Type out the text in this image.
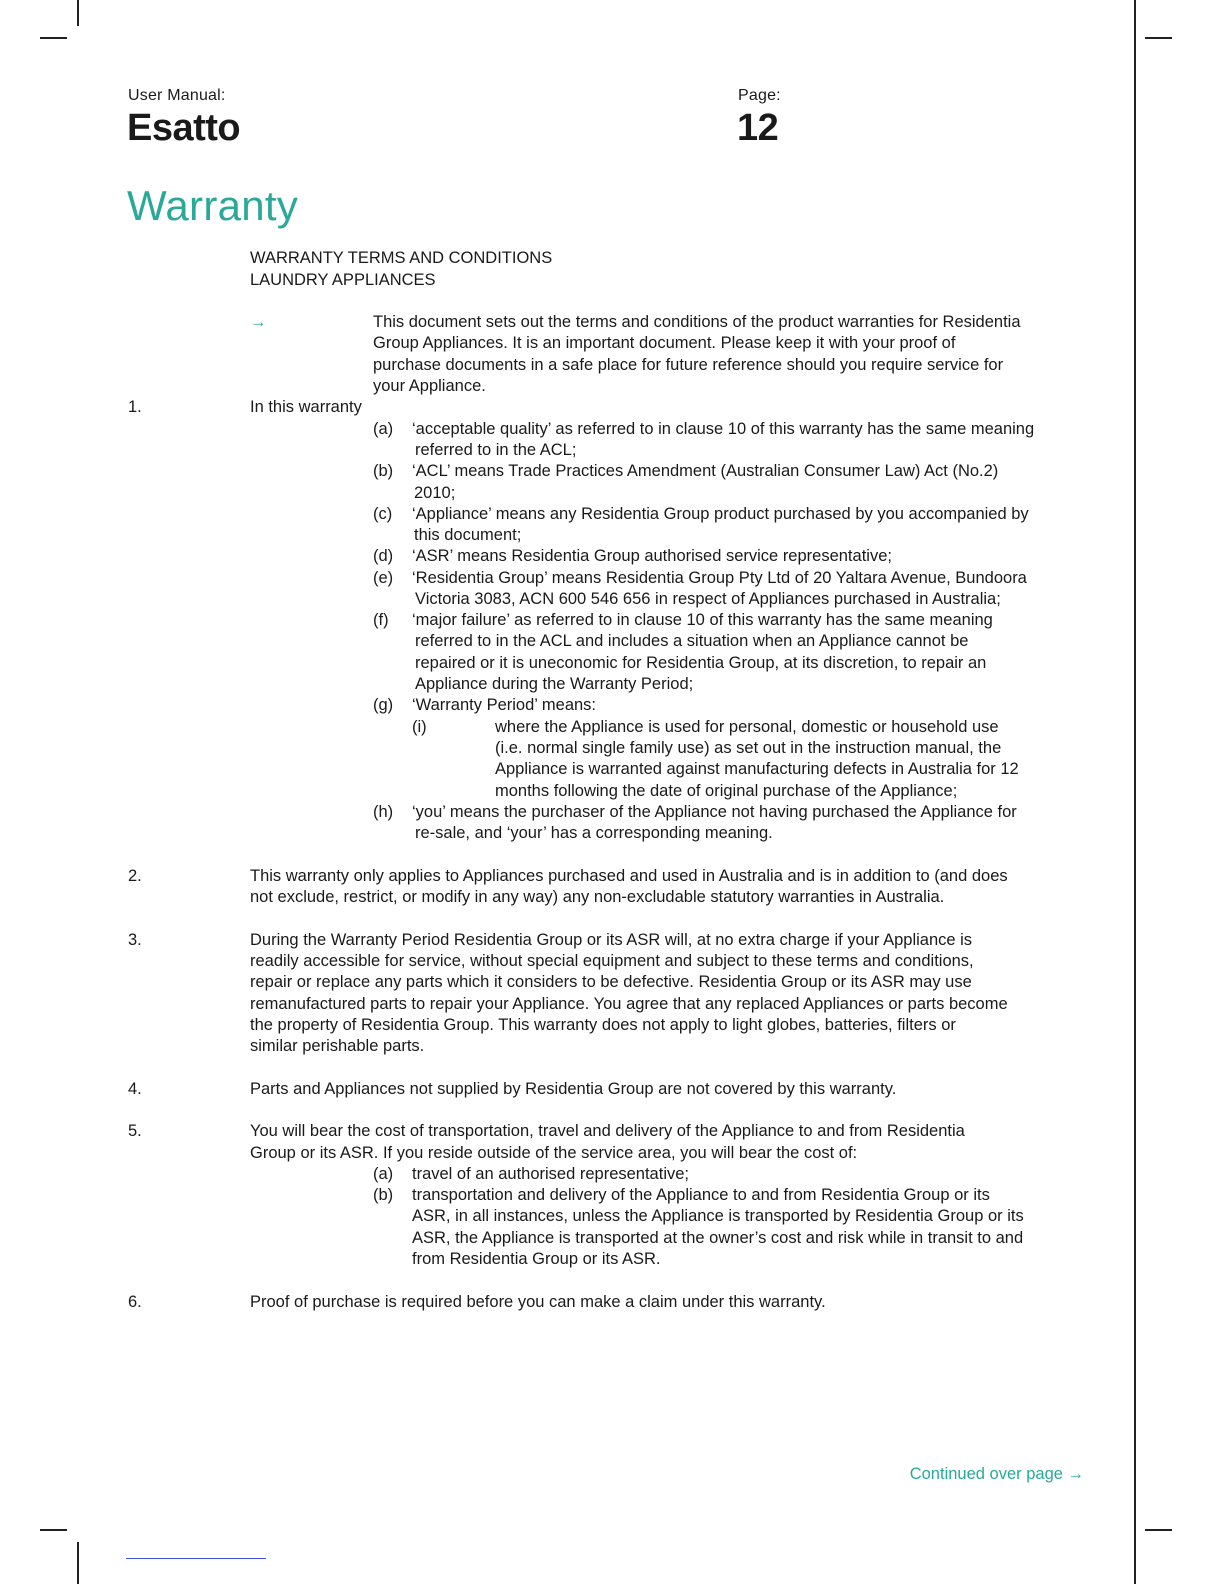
User Manual:
Esatto
Page:
12
Warranty
WARRANTY TERMS AND CONDITIONS
LAUNDRY APPLIANCES
→	This document sets out the terms and conditions of the product warranties for Residentia
Group Appliances. It is an important document. Please keep it with your proof of
purchase documents in a safe place for future reference should you require service for
your Appliance.
1.	In this warranty
(a) ‘acceptable quality’ as referred to in clause 10 of this warranty has the same meaning
referred to in the ACL;
(b) ‘ACL’ means Trade Practices Amendment (Australian Consumer Law) Act (No.2)
2010;
(c) ‘Appliance’ means any Residentia Group product purchased by you accompanied by
this document;
(d) ‘ASR’ means Residentia Group authorised service representative;
(e) ‘Residentia Group’ means Residentia Group Pty Ltd of 20 Yaltara Avenue, Bundoora
Victoria 3083, ACN 600 546 656 in respect of Appliances purchased in Australia;
(f) ‘major failure’ as referred to in clause 10 of this warranty has the same meaning
referred to in the ACL and includes a situation when an Appliance cannot be
repaired or it is uneconomic for Residentia Group, at its discretion, to repair an
Appliance during the Warranty Period;
(g) ‘Warranty Period’ means:
(i)	where the Appliance is used for personal, domestic or household use
(i.e. normal single family use) as set out in the instruction manual, the
Appliance is warranted against manufacturing defects in Australia for 12
months following the date of original purchase of the Appliance;
(h) ‘you’ means the purchaser of the Appliance not having purchased the Appliance for
re-sale, and ‘your’ has a corresponding meaning.
2.	This warranty only applies to Appliances purchased and used in Australia and is in addition to (and does
not exclude, restrict, or modify in any way) any non-excludable statutory warranties in Australia.
3.	During the Warranty Period Residentia Group or its ASR will, at no extra charge if your Appliance is
readily accessible for service, without special equipment and subject to these terms and conditions,
repair or replace any parts which it considers to be defective. Residentia Group or its ASR may use
remanufactured parts to repair your Appliance. You agree that any replaced Appliances or parts become
the property of Residentia Group. This warranty does not apply to light globes, batteries, filters or
similar perishable parts.
4.	Parts and Appliances not supplied by Residentia Group are not covered by this warranty.
5.	You will bear the cost of transportation, travel and delivery of the Appliance to and from Residentia
Group or its ASR. If you reside outside of the service area, you will bear the cost of:
(a) travel of an authorised representative;
(b) transportation and delivery of the Appliance to and from Residentia Group or its
ASR, in all instances, unless the Appliance is transported by Residentia Group or its
ASR, the Appliance is transported at the owner’s cost and risk while in transit to and
from Residentia Group or its ASR.
6.	Proof of purchase is required before you can make a claim under this warranty.
Continued over page →
